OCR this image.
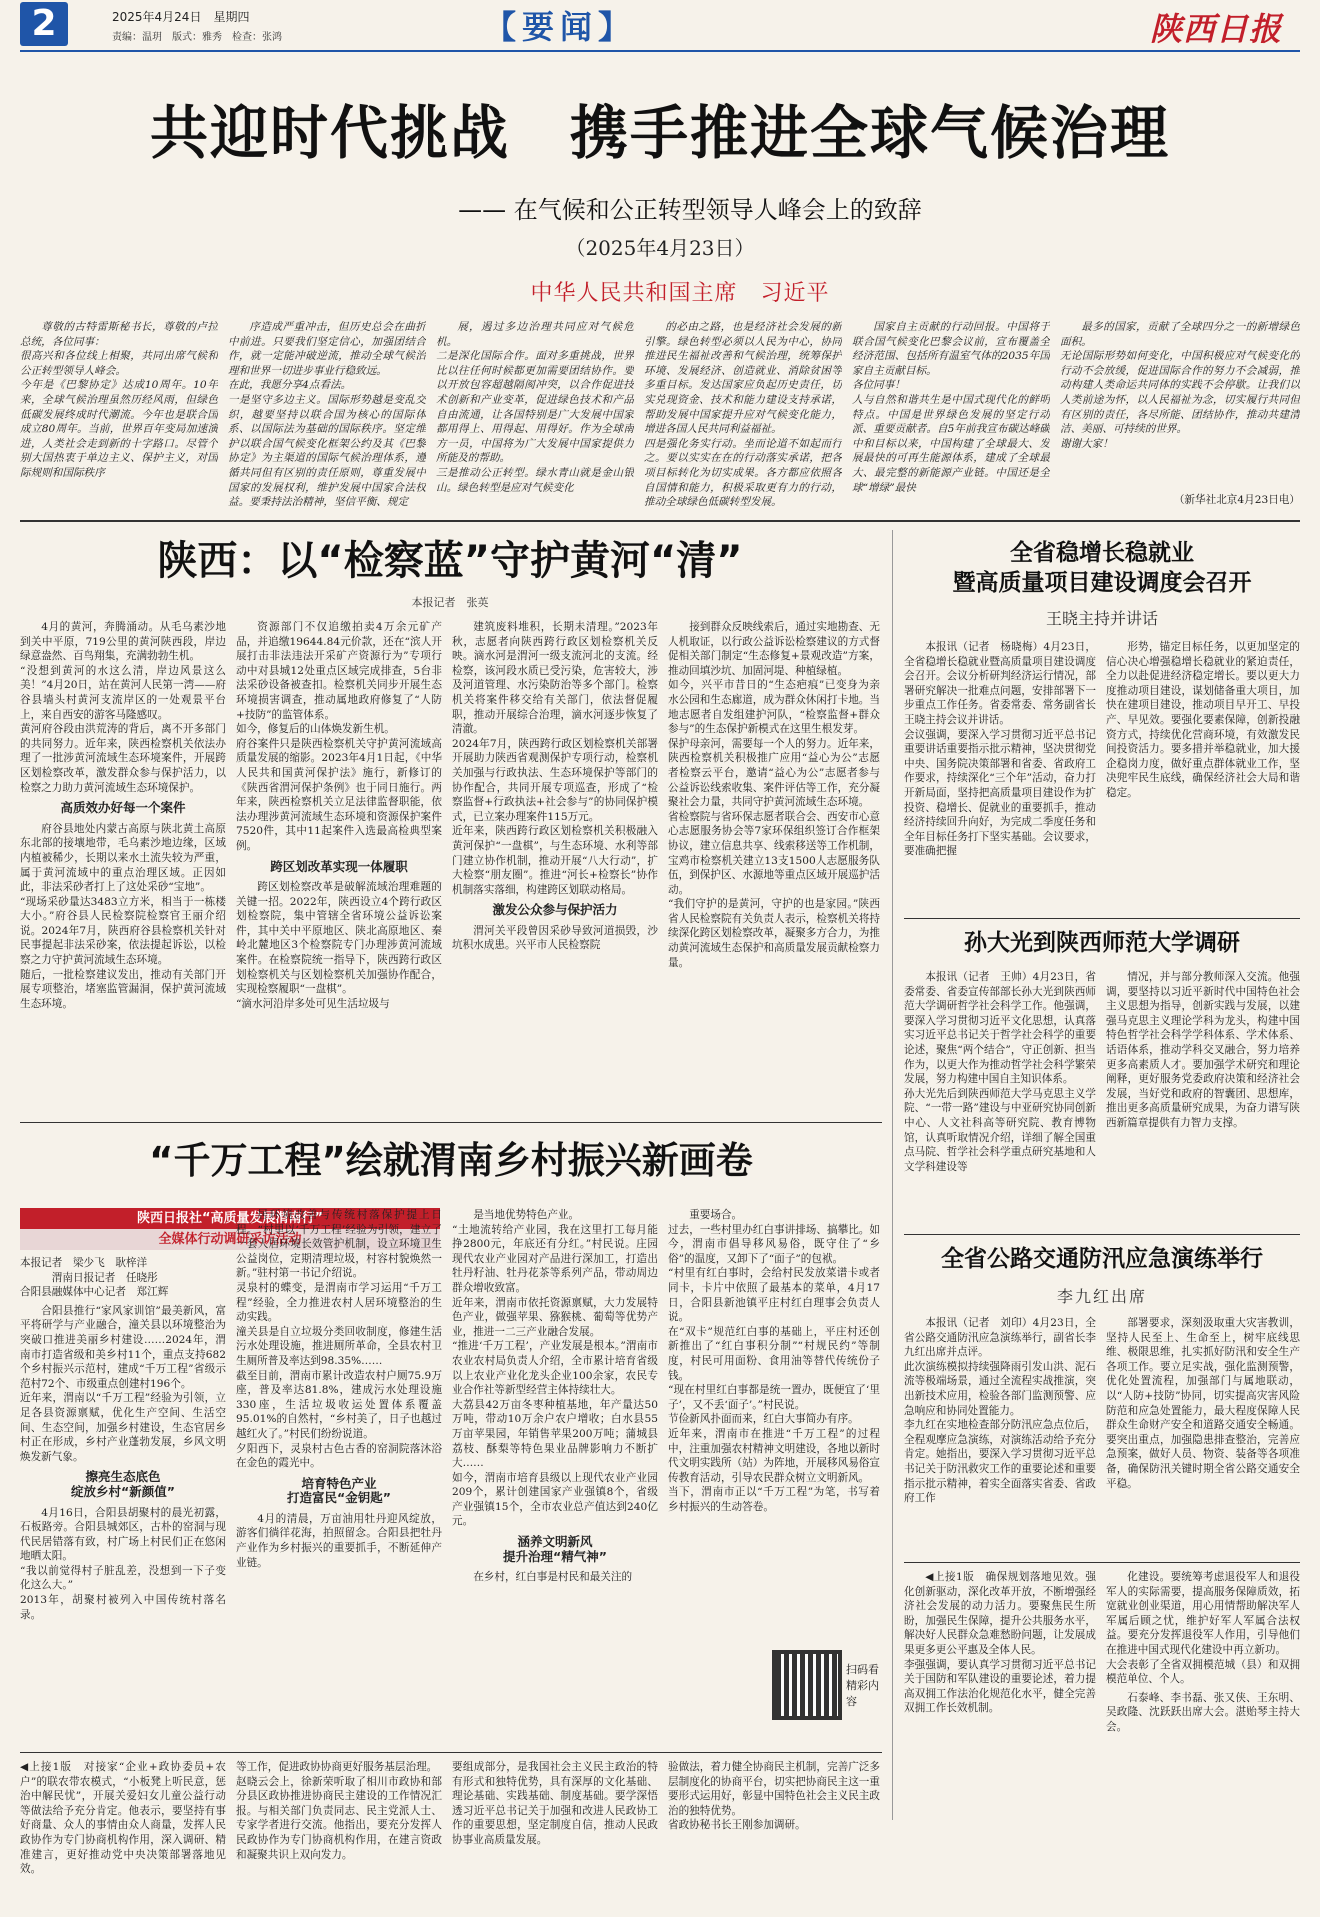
2	2025年4月24日　星期四
责编：温玥　版式：雅秀　检查：张鸿	【要闻】	陕西日报
共迎时代挑战　携手推进全球气候治理
—— 在气候和公正转型领导人峰会上的致辞
（2025年4月23日）
中华人民共和国主席　习近平
尊敬的古特雷斯秘书长，尊敬的卢拉总统，各位同事：
很高兴和各位线上相聚，共同出席气候和公正转型领导人峰会。
今年是《巴黎协定》达成10周年。10年来，全球气候治理虽然历经风雨，但绿色低碳发展终成时代潮流。今年也是联合国成立80周年。当前，世界百年变局加速演进，人类社会走到新的十字路口。尽管个别大国热衷于单边主义、保护主义，对国际规则和国际秩序
序造成严重冲击，但历史总会在曲折中前进。只要我们坚定信心，加强团结合作，就一定能冲破逆流，推动全球气候治理和世界一切进步事业行稳致远。
在此，我愿分享4点看法。
一是坚守多边主义。国际形势越是变乱交织，越要坚持以联合国为核心的国际体系、以国际法为基础的国际秩序。坚定维护以联合国气候变化框架公约及其《巴黎协定》为主渠道的国际气候治理体系，遵循共同但有区别的责任原则，尊重发展中国家的发展权利，维护发展中国家合法权益。要秉持法治精神，坚信平衡、规定
展，遏过多边治理共同应对气候危机。
二是深化国际合作。面对多重挑战，世界比以往任何时候都更加需要团结协作。要以开放包容超越隔阂冲突，以合作促进技术创新和产业变革，促进绿色技术和产品自由流通，让各国特别是广大发展中国家都用得上、用得起、用得好。作为全球南方一员，中国将为广大发展中国家提供力所能及的帮助。
三是推动公正转型。绿水青山就是金山银山。绿色转型是应对气候变化
的必由之路，也是经济社会发展的新引擎。绿色转型必须以人民为中心，协同推进民生福祉改善和气候治理，统筹保护环境、发展经济、创造就业、消除贫困等多重目标。发达国家应负起历史责任，切实兑现资金、技术和能力建设支持承诺，帮助发展中国家提升应对气候变化能力，增进各国人民共同利益福祉。
四是强化务实行动。坐而论道不如起而行之。要以实实在在的行动落实承诺，把各项目标转化为切实成果。各方都应依照各自国情和能力，积极采取更有力的行动，推动全球绿色低碳转型发展。
国家自主贡献的行动回报。中国将于联合国气候变化巴黎会议前，宣布覆盖全经济范围、包括所有温室气体的2035年国家自主贡献目标。
各位同事！
人与自然和谐共生是中国式现代化的鲜明特点。中国是世界绿色发展的坚定行动派、重要贡献者。自5年前我宣布碳达峰碳中和目标以来，中国构建了全球最大、发展最快的可再生能源体系，建成了全球最大、最完整的新能源产业链。中国还是全球“增绿”最快
最多的国家，贡献了全球四分之一的新增绿色面积。
无论国际形势如何变化，中国积极应对气候变化的行动不会放缓，促进国际合作的努力不会减弱，推动构建人类命运共同体的实践不会停歇。让我们以人类前途为怀，以人民福祉为念，切实履行共同但有区别的责任，各尽所能、团结协作，推动共建清洁、美丽、可持续的世界。
谢谢大家！
（新华社北京4月23日电）
陕西：以“检察蓝”守护黄河“清”
本报记者　张英
4月的黄河，奔腾涌动。从毛乌素沙地到关中平原，719公里的黄河陕西段，岸边绿意盎然、百鸟翔集，充满勃勃生机。
“没想到黄河的水这么清，岸边风景这么美！”4月20日，站在黄河人民第一湾——府谷县墙头村黄河支流岸区的一处观景平台上，来自西安的游客马隆感叹。
黄河府谷段由洪荒涛的背后，离不开多部门的共同努力。近年来，陕西检察机关依法办理了一批涉黄河流域生态环境案件，开展跨区划检察改革，激发群众参与保护活力，以检察之力助力黄河流域生态环境保护。
高质效办好每一个案件
府谷县地处内蒙古高原与陕北黄土高原东北部的接壤地带，毛乌素沙地边缘，区域内植被稀少，长期以来水土流失较为严重，属于黄河流域中的重点治理区域。正因如此，非法采砂者打上了这处采砂“宝地”。
“现场采砂量达3483立方米，相当于一栋楼大小。”府谷县人民检察院检察官王丽介绍说。2024年7月，陕西府谷县检察机关针对民事提起非法采砂案，依法提起诉讼，以检察之力守护黄河流域生态环境。
随后，一批检察建议发出，推动有关部门开展专项整治，堵塞监管漏洞，保护黄河流域生态环境。
资源部门不仅追缴拍卖4万余元矿产品，并追缴19644.84元价款，还在“滨人开展打击非法违法开采矿产资源行为”专项行动中对县城12处重点区域完成排查，5台非法采砂设备被查扣。检察机关同步开展生态环境损害调查，推动属地政府修复了“人防+技防”的监管体系。
如今，修复后的山体焕发新生机。
府谷案件只是陕西检察机关守护黄河流域高质量发展的缩影。2023年4月1日起，《中华人民共和国黄河保护法》施行，新修订的《陕西省渭河保护条例》也于同日施行。两年来，陕西检察机关立足法律监督职能，依法办理涉黄河流域生态环境和资源保护案件7520件，其中11起案件入选最高检典型案例。
跨区划改革实现一体履职
跨区划检察改革是破解流域治理难题的关键一招。2022年，陕西设立4个跨行政区划检察院，集中管辖全省环境公益诉讼案件，其中关中平原地区、陕北高原地区、秦岭北麓地区3个检察院专门办理涉黄河流域案件。在检察院统一指导下，陕西跨行政区划检察机关与区划检察机关加强协作配合，实现检察履职“一盘棋”。
“滴水河沿岸多处可见生活垃圾与
建筑废料堆积，长期未清理。”2023年秋，志愿者向陕西跨行政区划检察机关反映。滴水河是渭河一级支流河北的支流。经检察，该河段水质已受污染，危害较大，涉及河道管理、水污染防治等多个部门。检察机关将案件移交给有关部门，依法督促履职，推动开展综合治理，滴水河逐步恢复了清澈。
2024年7月，陕西跨行政区划检察机关部署开展助力陕西省观测保护专项行动，检察机关加强与行政执法、生态环境保护等部门的协作配合，共同开展专项巡查，形成了“检察监督+行政执法+社会参与”的协同保护模式，已立案办理案件115万元。
近年来，陕西跨行政区划检察机关积极融入黄河保护“一盘棋”，与生态环境、水利等部门建立协作机制，推动开展“八大行动”，扩大检察“朋友圈”。推进“河长+检察长”协作机制落实落细，构建跨区划联动格局。
激发公众参与保护活力
渭河关平段曾因采砂导致河道损毁，沙坑积水成患。兴平市人民检察院
接到群众反映线索后，通过实地勘查、无人机取证，以行政公益诉讼检察建议的方式督促相关部门制定“生态修复+景观改造”方案，推动回填沙坑、加固河堤、种植绿植。
如今，兴平市昔日的“生态疤痕”已变身为亲水公园和生态廊道，成为群众休闲打卡地。当地志愿者自发组建护河队，“检察监督+群众参与”的生态保护新模式在这里生根发芽。
保护母亲河，需要每一个人的努力。近年来，陕西检察机关积极推广应用“益心为公”志愿者检察云平台，邀请“益心为公”志愿者参与公益诉讼线索收集、案件评估等工作，充分凝聚社会力量，共同守护黄河流域生态环境。
省检察院与省环保志愿者联合会、西安市心意心志愿服务协会等7家环保组织签订合作框架协议，建立信息共享、线索移送等工作机制，宝鸡市检察机关建立13支1500人志愿服务队伍，到保护区、水源地等重点区域开展巡护活动。
“我们守护的是黄河，守护的也是家园。”陕西省人民检察院有关负责人表示，检察机关将持续深化跨区划检察改革，凝聚多方合力，为推动黄河流域生态保护和高质量发展贡献检察力量。
全省稳增长稳就业
暨高质量项目建设调度会召开
王晓主持并讲话
本报讯（记者　杨晓梅）4月23日，全省稳增长稳就业暨高质量项目建设调度会召开。会议分析研判经济运行情况，部署研究解决一批难点问题，安排部署下一步重点工作任务。省委常委、常务副省长王晓主持会议并讲话。
会议强调，要深入学习贯彻习近平总书记重要讲话重要指示批示精神，坚决贯彻党中央、国务院决策部署和省委、省政府工作要求，持续深化“三个年”活动，奋力打开新局面，坚持把高质量项目建设作为扩投资、稳增长、促就业的重要抓手，推动经济持续回升向好，为完成二季度任务和全年目标任务打下坚实基础。会议要求，要准确把握
形势，锚定目标任务，以更加坚定的信心决心增强稳增长稳就业的紧迫责任，全力以赴促进经济稳定增长。要以更大力度推动项目建设，谋划储备重大项目，加快在建项目建设，推动项目早开工、早投产、早见效。要强化要素保障，创新投融资方式，持续优化营商环境，有效激发民间投资活力。要多措并举稳就业，加大援企稳岗力度，做好重点群体就业工作，坚决兜牢民生底线，确保经济社会大局和谐稳定。
孙大光到陕西师范大学调研
本报讯（记者　王帅）4月23日，省委常委、省委宣传部部长孙大光到陕西师范大学调研哲学社会科学工作。他强调，要深入学习贯彻习近平文化思想，认真落实习近平总书记关于哲学社会科学的重要论述，聚焦“两个结合”，守正创新、担当作为，以更大作为推动哲学社会科学繁荣发展，努力构建中国自主知识体系。
孙大光先后到陕西师范大学马克思主义学院、“一带一路”建设与中亚研究协同创新中心、人文社科高等研究院、教育博物馆，认真听取情况介绍，详细了解全国重点马院、哲学社会科学重点研究基地和人文学科建设等
情况，并与部分教师深入交流。他强调，要坚持以习近平新时代中国特色社会主义思想为指导，创新实践与发展，以建强马克思主义理论学科为龙头，构建中国特色哲学社会科学学科体系、学术体系、话语体系，推动学科交叉融合，努力培养更多高素质人才。要加强学术研究和理论阐释，更好服务党委政府决策和经济社会发展，当好党和政府的智囊团、思想库，推出更多高质量研究成果，为奋力谱写陕西新篇章提供有力智力支撑。
全省公路交通防汛应急演练举行
李九红出席
本报讯（记者　刘印）4月23日，全省公路交通防汛应急演练举行，副省长李九红出席并点评。
此次演练模拟持续强降雨引发山洪、泥石流等极端场景，通过全流程实战推演，突出新技术应用，检验各部门监测预警、应急响应和协同处置能力。
李九红在实地检查部分防汛应急点位后，全程观摩应急演练，对演练活动给予充分肯定。她指出，要深入学习贯彻习近平总书记关于防汛救灾工作的重要论述和重要指示批示精神，着实全面落实省委、省政府工作
部署要求，深刻汲取重大灾害教训，坚持人民至上、生命至上，树牢底线思维、极限思维，扎实抓好防汛和安全生产各项工作。要立足实战，强化监测预警，优化处置流程，加强部门与属地联动，以“人防+技防”协同，切实提高灾害风险防范和应急处置能力，最大程度保障人民群众生命财产安全和道路交通安全畅通。要突出重点，加强隐患排查整治，完善应急预案，做好人员、物资、装备等各项准备，确保防汛关键时期全省公路交通安全平稳。
◀上接1版　确保规划落地见效。强化创新驱动，深化改革开放，不断增强经济社会发展的动力活力。要聚焦民生所盼，加强民生保障，提升公共服务水平，解决好人民群众急难愁盼问题，让发展成果更多更公平惠及全体人民。
李强强调，要认真学习贯彻习近平总书记关于国防和军队建设的重要论述，着力提高双拥工作法治化规范化水平，健全完善双拥工作长效机制。
化建设。要统筹考虑退役军人和退役军人的实际需要，提高服务保障质效，拓宽就业创业渠道，用心用情帮助解决军人军属后顾之忧，维护好军人军属合法权益。要充分发挥退役军人作用，引导他们在推进中国式现代化建设中再立新功。
大会表彰了全省双拥模范城（县）和双拥模范单位、个人。
石泰峰、李书磊、张又侠、王东明、吴政隆、沈跃跃出席大会。湛贻琴主持大会。
“千万工程”绘就渭南乡村振兴新画卷
陕西日报社“高质量发展渭南行”
全媒体行动调研采访活动
本报记者　梁少飞　耿梓洋
渭南日报记者　任晓彤
合阳县融媒体中心记者　郑江辉
合阳县推行“家风家训馆”最美新风，富平将研学与产业融合，潼关县以环境整治为突破口推进美丽乡村建设……2024年，渭南市打造省级和美乡村11个，重点支持682个乡村振兴示范村，建成“千万工程”省级示范村72个、市级重点创建村196个。
近年来，渭南以“千万工程”经验为引领，立足各县资源禀赋，优化生产空间、生活空间、生态空间，加强乡村建设，生态官居乡村正在形成，乡村产业蓬勃发展，乡风文明焕发新气象。
擦亮生态底色
绽放乡村“新颜值”
4月16日，合阳县胡聚村的晨光初露，石板路旁。合阳县城郊区，古朴的窑洞与现代民居错落有致，村广场上村民们正在悠闲地晒太阳。
“我以前觉得村子脏乱差，没想到一下子变化这么大。”
2013年，胡聚村被列入中国传统村落名录。
居环境改善与传统村落保护提上日程。“村里以‘千万工程’经验为引领，建立了一套人居环境长效管护机制，设立环境卫生公益岗位，定期清理垃圾，村容村貌焕然一新。”驻村第一书记介绍说。
灵泉村的蝶变，是渭南市学习运用“千万工程”经验，全力推进农村人居环境整治的生动实践。
潼关县是自立垃圾分类回收制度，修建生活污水处理设施，推进厕所革命，全县农村卫生厕所普及率达到98.35%……
截至目前，渭南市累计改造农村户厕75.9万座，普及率达81.8%，建成污水处理设施330座，生活垃圾收运处置体系覆盖95.01%的自然村，“乡村美了，日子也越过越红火了。”村民们纷纷说道。
夕阳西下，灵泉村古色古香的窑洞院落沐浴在金色的霞光中。
培育特色产业
打造富民“金钥匙”
4月的清晨，万亩油用牡丹迎风绽放，游客们徜徉花海，拍照留念。合阳县把牡丹产业作为乡村振兴的重要抓手，不断延伸产业链。
是当地优势特色产业。
“土地流转给产业园，我在这里打工每月能挣2800元，年底还有分红。”村民说。庄园现代农业产业园对产品进行深加工，打造出牡丹籽油、牡丹花茶等系列产品，带动周边群众增收致富。
近年来，渭南市依托资源禀赋，大力发展特色产业，做强苹果、猕猴桃、葡萄等优势产业，推进一二三产业融合发展。
“推进‘千万工程’，产业发展是根本。”渭南市农业农村局负责人介绍，全市累计培育省级以上农业产业化龙头企业100余家，农民专业合作社等新型经营主体持续壮大。
大荔县42万亩冬枣种植基地，年产量达50万吨，带动10万余户农户增收；白水县55万亩苹果园，年销售苹果200万吨；蒲城县荔枝、酥梨等特色果业品牌影响力不断扩大……
如今，渭南市培育县级以上现代农业产业园209个，累计创建国家产业强镇8个，省级产业强镇15个，全市农业总产值达到240亿元。
涵养文明新风
提升治理“精气神”
在乡村，红白事是村民和最关注的
重要场合。
过去，一些村里办红白事讲排场、搞攀比。如今，渭南市倡导移风易俗，既守住了“乡俗”的温度，又卸下了“面子”的包袱。
“村里有红白事时，会给村民发放菜谱卡或者同卡，卡片中依照了最基本的菜单，4月17日，合阳县新池镇平庄村红白理事会负责人说。
在“双卡”规范红白事的基础上，平庄村还创新推出了“红白事积分制”“村规民约”等制度，村民可用面粉、食用油等替代传统份子钱。
“现在村里红白事都是统一置办，既便宜了‘里子’，又不丢‘面子’。”村民说。
节俭新风扑面而来，红白大事简办有序。
近年来，渭南市在推进“千万工程”的过程中，注重加强农村精神文明建设，各地以新时代文明实践所（站）为阵地，开展移风易俗宣传教育活动，引导农民群众树立文明新风。
当下，渭南市正以“千万工程”为笔，书写着乡村振兴的生动答卷。
扫码看精彩内容
◀上接1版　对接家“企业+政协委员+农户”的联农带农模式，“小板凳上听民意，惩治中解民忧”，开展关爱妇女儿童公益行动等做法给予充分肯定。他表示，要坚持有事好商量、众人的事情由众人商量，发挥人民政协作为专门协商机构作用，深入调研、精准建言，更好推动党中央决策部署落地见效。
等工作，促进政协协商更好服务基层治理。
赵晓云会上，徐新荣听取了相川市政协和部分县区政协推进协商民主建设的工作情况汇报。与相关部门负责同志、民主党派人士、专家学者进行交流。他指出，要充分发挥人民政协作为专门协商机构作用，在建言资政和凝聚共识上双向发力。
要组成部分，是我国社会主义民主政治的特有形式和独特优势，具有深厚的文化基础、理论基础、实践基础、制度基础。要学深悟透习近平总书记关于加强和改进人民政协工作的重要思想，坚定制度自信，推动人民政协事业高质量发展。
验做法，着力健全协商民主机制，完善广泛多层制度化的协商平台，切实把协商民主这一重要形式运用好，彰显中国特色社会主义民主政治的独特优势。
省政协秘书长王刚参加调研。
